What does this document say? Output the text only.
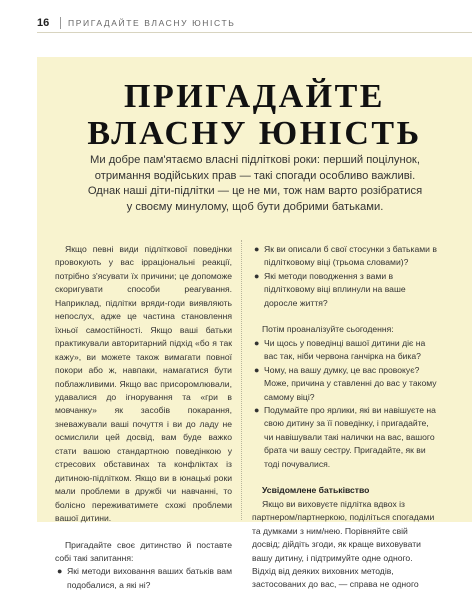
16 ПРИГАДАЙТЕ ВЛАСНУ ЮНІСТЬ
ПРИГАДАЙТЕ
ВЛАСНУ ЮНІСТЬ
Ми добре пам'ятаємо власні підліткові роки: перший поцілунок,
отримання водійських прав — такі спогади особливо важливі.
Однак наші діти-підлітки — це не ми, тож нам варто розібратися
у своєму минулому, щоб бути добрими батьками.

Якщо певні види підліткової поведінки провокують у вас ірраціональні реакції, потрібно з'ясувати їх причини; це допоможе скоригувати способи реагування. Наприклад, підлітки вряди-годи виявляють непослух, адже це частина становлення їхньої самостійності. Якщо ваші батьки практикували авторитарний підхід «бо я так кажу», ви можете також вимагати повної покори або ж, навпаки, намагатися бути поблажливими. Якщо вас присоромлювали, удавалися до ігнорування та «гри в мовчанку» як засобів покарання, зневажували ваші почуття і ви до ладу не осмислили цей досвід, вам буде важко стати вашою стандартною поведінкою у стресових обставинах та конфліктах із дитиною-підлітком. Якщо ви в юнацькі роки мали проблеми в дружбі чи навчанні, то болісно переживатимете схожі проблеми вашої дитини.

Пригадайте своє дитинство й поставте собі такі запитання:

● Які методи виховання ваших батьків вам подобалися, а які ні?
● Як ви описали б свої стосунки з батьками в підлітковому віці (трьома словами)?
● Які методи поводження з вами в підлітковому віці вплинули на ваше доросле життя?

Потім проаналізуйте сьогодення:

● Чи щось у поведінці вашої дитини діє на вас так, ніби червона ганчірка на бика?
● Чому, на вашу думку, це вас провокує? Може, причина у ставленні до вас у такому самому віці?
● Подумайте про ярлики, які ви навішуєте на свою дитину за її поведінку, і пригадайте, чи навішували такі налички на вас, вашого брата чи вашу сестру. Пригадайте, як ви тоді почувалися.

Усвідомлене батьківство

Якщо ви виховуєте підлітка вдвох із партнером/партнеркою, поділіться спогадами та думками з ним/нею. Порівняйте свій досвід; дійдіть згоди, як краще виховувати вашу дитину, і підтримуйте одне одного. Відхід від деяких виховних методів, застосованих до вас, — справа не одного
